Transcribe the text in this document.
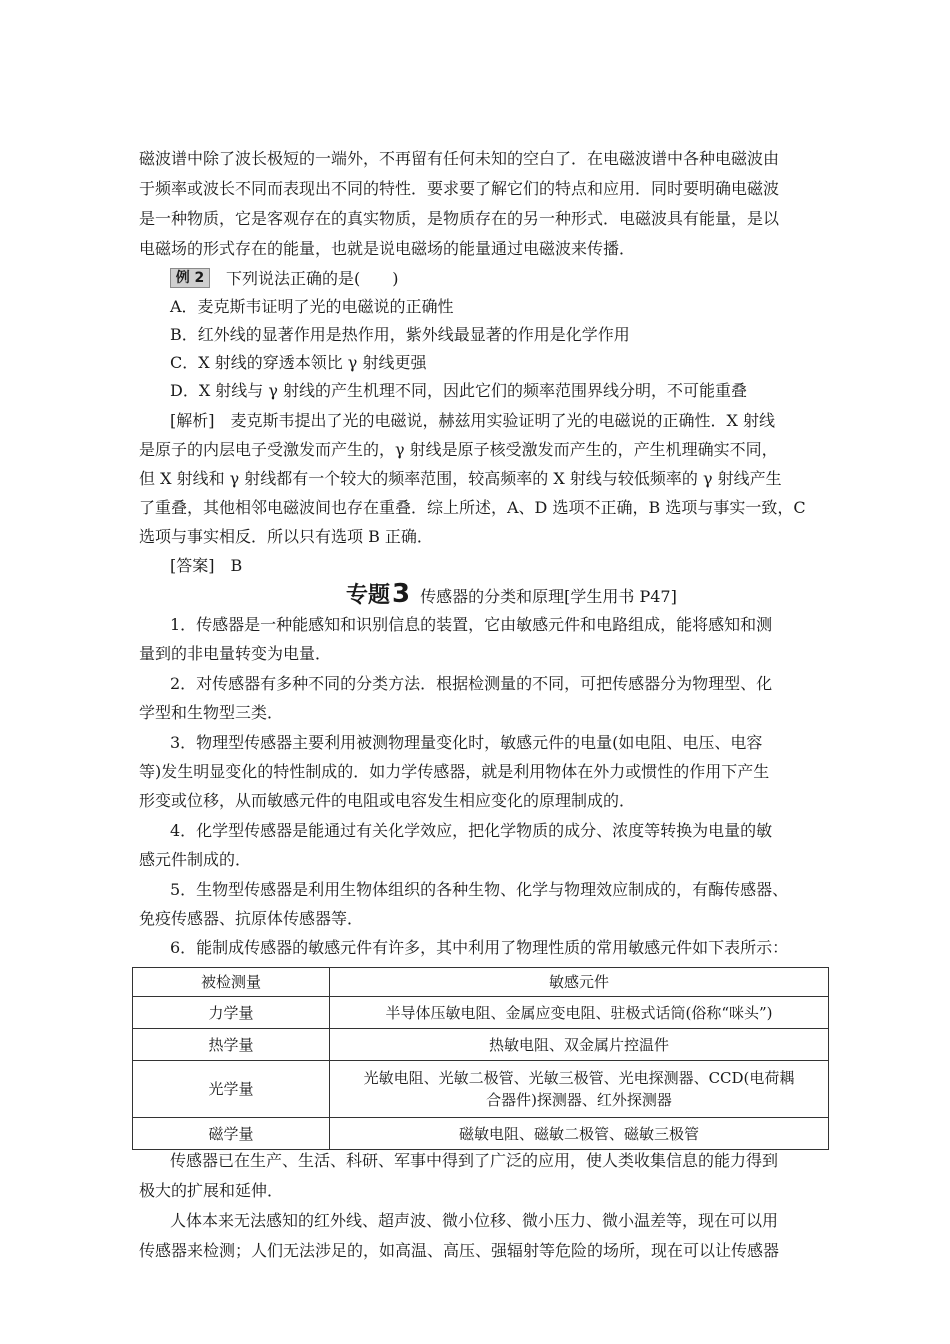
磁波谱中除了波长极短的一端外，不再留有任何未知的空白了．在电磁波谱中各种电磁波由
于频率或波长不同而表现出不同的特性．要求要了解它们的特点和应用．同时要明确电磁波
是一种物质，它是客观存在的真实物质，是物质存在的另一种形式．电磁波具有能量，是以
电磁场的形式存在的能量，也就是说电磁场的能量通过电磁波来传播．
例 2	下列说法正确的是(　　)
A．麦克斯韦证明了光的电磁说的正确性
B．红外线的显著作用是热作用，紫外线最显著的作用是化学作用
C．X 射线的穿透本领比 γ 射线更强
D．X 射线与 γ 射线的产生机理不同，因此它们的频率范围界线分明，不可能重叠
[解析]　麦克斯韦提出了光的电磁说，赫兹用实验证明了光的电磁说的正确性．X 射线
是原子的内层电子受激发而产生的，γ 射线是原子核受激发而产生的，产生机理确实不同，
但 X 射线和 γ 射线都有一个较大的频率范围，较高频率的 X 射线与较低频率的 γ 射线产生
了重叠，其他相邻电磁波间也存在重叠．综上所述，A、D 选项不正确，B 选项与事实一致，C
选项与事实相反．所以只有选项 B 正确．
[答案]　B
专题3 传感器的分类和原理[学生用书 P47]
1．传感器是一种能感知和识别信息的装置，它由敏感元件和电路组成，能将感知和测
量到的非电量转变为电量．
2．对传感器有多种不同的分类方法．根据检测量的不同，可把传感器分为物理型、化
学型和生物型三类．
3．物理型传感器主要利用被测物理量变化时，敏感元件的电量(如电阻、电压、电容
等)发生明显变化的特性制成的．如力学传感器，就是利用物体在外力或惯性的作用下产生
形变或位移，从而敏感元件的电阻或电容发生相应变化的原理制成的．
4．化学型传感器是能通过有关化学效应，把化学物质的成分、浓度等转换为电量的敏
感元件制成的．
5．生物型传感器是利用生物体组织的各种生物、化学与物理效应制成的，有酶传感器、
免疫传感器、抗原体传感器等．
6．能制成传感器的敏感元件有许多，其中利用了物理性质的常用敏感元件如下表所示：
被检测量	敏感元件
力学量	半导体压敏电阻、金属应变电阻、驻极式话筒(俗称“咪头”)
热学量	热敏电阻、双金属片控温件
光学量	光敏电阻、光敏二极管、光敏三极管、光电探测器、CCD(电荷耦
合器件)探测器、红外探测器

磁学量	磁敏电阻、磁敏二极管、磁敏三极管
传感器已在生产、生活、科研、军事中得到了广泛的应用，使人类收集信息的能力得到
极大的扩展和延伸．
人体本来无法感知的红外线、超声波、微小位移、微小压力、微小温差等，现在可以用
传感器来检测；人们无法涉足的，如高温、高压、强辐射等危险的场所，现在可以让传感器
